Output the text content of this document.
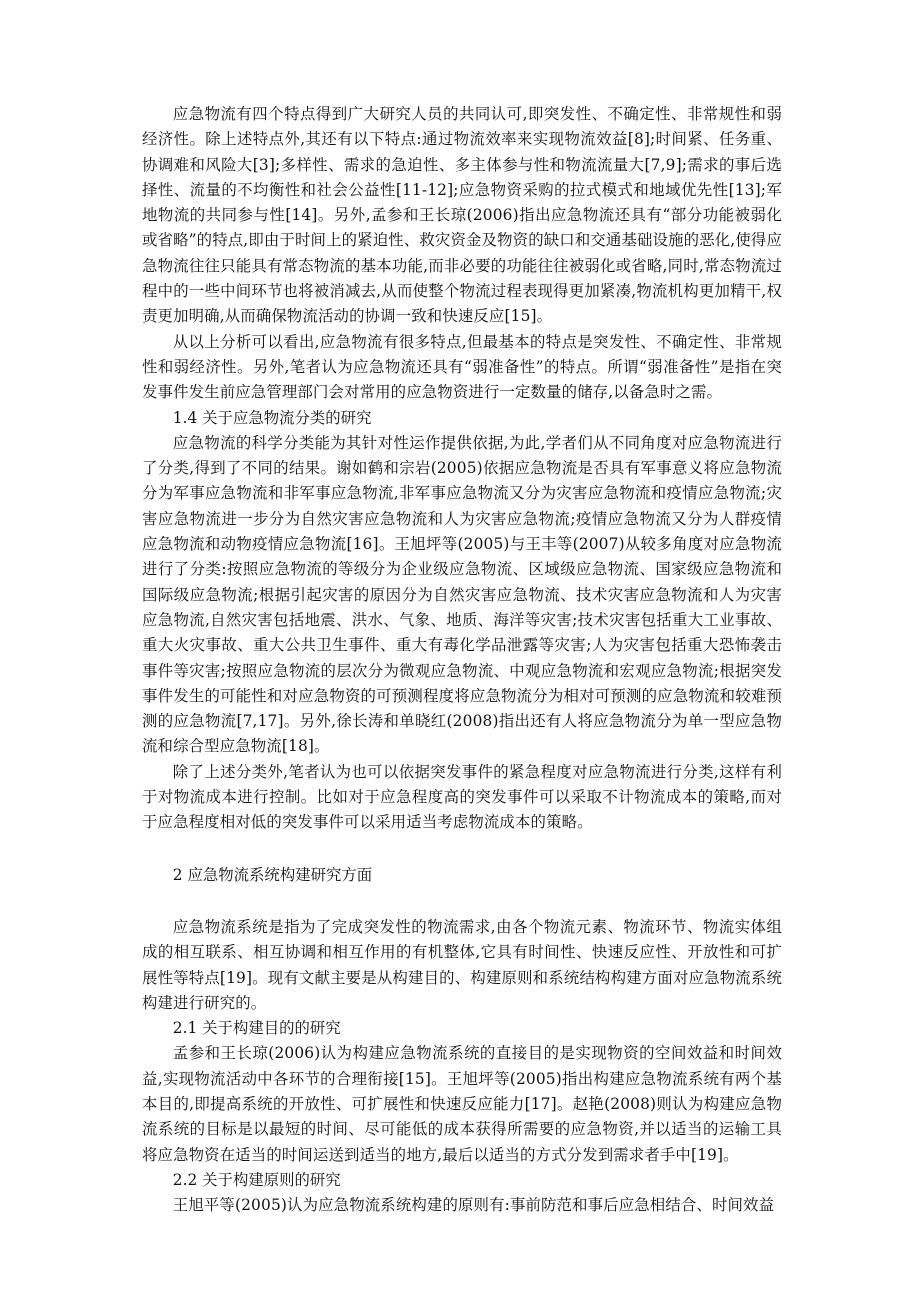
应急物流有四个特点得到广大研究人员的共同认可,即突发性、不确定性、非常规性和弱经济性。除上述特点外,其还有以下特点:通过物流效率来实现物流效益[8];时间紧、任务重、协调难和风险大[3];多样性、需求的急迫性、多主体参与性和物流流量大[7,9];需求的事后选择性、流量的不均衡性和社会公益性[11-12];应急物资采购的拉式模式和地域优先性[13];军地物流的共同参与性[14]。另外,孟参和王长琼(2006)指出应急物流还具有“部分功能被弱化或省略”的特点,即由于时间上的紧迫性、救灾资金及物资的缺口和交通基础设施的恶化,使得应急物流往往只能具有常态物流的基本功能,而非必要的功能往往被弱化或省略,同时,常态物流过程中的一些中间环节也将被消减去,从而使整个物流过程表现得更加紧凑,物流机构更加精干,权责更加明确,从而确保物流活动的协调一致和快速反应[15]。

从以上分析可以看出,应急物流有很多特点,但最基本的特点是突发性、不确定性、非常规性和弱经济性。另外,笔者认为应急物流还具有“弱准备性”的特点。所谓“弱准备性”是指在突发事件发生前应急管理部门会对常用的应急物资进行一定数量的储存,以备急时之需。

1.4 关于应急物流分类的研究

应急物流的科学分类能为其针对性运作提供依据,为此,学者们从不同角度对应急物流进行了分类,得到了不同的结果。谢如鹤和宗岩(2005)依据应急物流是否具有军事意义将应急物流分为军事应急物流和非军事应急物流,非军事应急物流又分为灾害应急物流和疫情应急物流;灾害应急物流进一步分为自然灾害应急物流和人为灾害应急物流;疫情应急物流又分为人群疫情应急物流和动物疫情应急物流[16]。王旭坪等(2005)与王丰等(2007)从较多角度对应急物流进行了分类:按照应急物流的等级分为企业级应急物流、区域级应急物流、国家级应急物流和国际级应急物流;根据引起灾害的原因分为自然灾害应急物流、技术灾害应急物流和人为灾害应急物流,自然灾害包括地震、洪水、气象、地质、海洋等灾害;技术灾害包括重大工业事故、重大火灾事故、重大公共卫生事件、重大有毒化学品泄露等灾害;人为灾害包括重大恐怖袭击事件等灾害;按照应急物流的层次分为微观应急物流、中观应急物流和宏观应急物流;根据突发事件发生的可能性和对应急物资的可预测程度将应急物流分为相对可预测的应急物流和较难预测的应急物流[7,17]。另外,徐长涛和单晓红(2008)指出还有人将应急物流分为单一型应急物流和综合型应急物流[18]。

除了上述分类外,笔者认为也可以依据突发事件的紧急程度对应急物流进行分类,这样有利于对物流成本进行控制。比如对于应急程度高的突发事件可以采取不计物流成本的策略,而对于应急程度相对低的突发事件可以采用适当考虑物流成本的策略。

2 应急物流系统构建研究方面

应急物流系统是指为了完成突发性的物流需求,由各个物流元素、物流环节、物流实体组成的相互联系、相互协调和相互作用的有机整体,它具有时间性、快速反应性、开放性和可扩展性等特点[19]。现有文献主要是从构建目的、构建原则和系统结构构建方面对应急物流系统构建进行研究的。

2.1 关于构建目的的研究

孟参和王长琼(2006)认为构建应急物流系统的直接目的是实现物资的空间效益和时间效益,实现物流活动中各环节的合理衔接[15]。王旭坪等(2005)指出构建应急物流系统有两个基本目的,即提高系统的开放性、可扩展性和快速反应能力[17]。赵艳(2008)则认为构建应急物流系统的目标是以最短的时间、尽可能低的成本获得所需要的应急物资,并以适当的运输工具将应急物资在适当的时间运送到适当的地方,最后以适当的方式分发到需求者手中[19]。

2.2 关于构建原则的研究

王旭平等(2005)认为应急物流系统构建的原则有:事前防范和事后应急相结合、时间效益
